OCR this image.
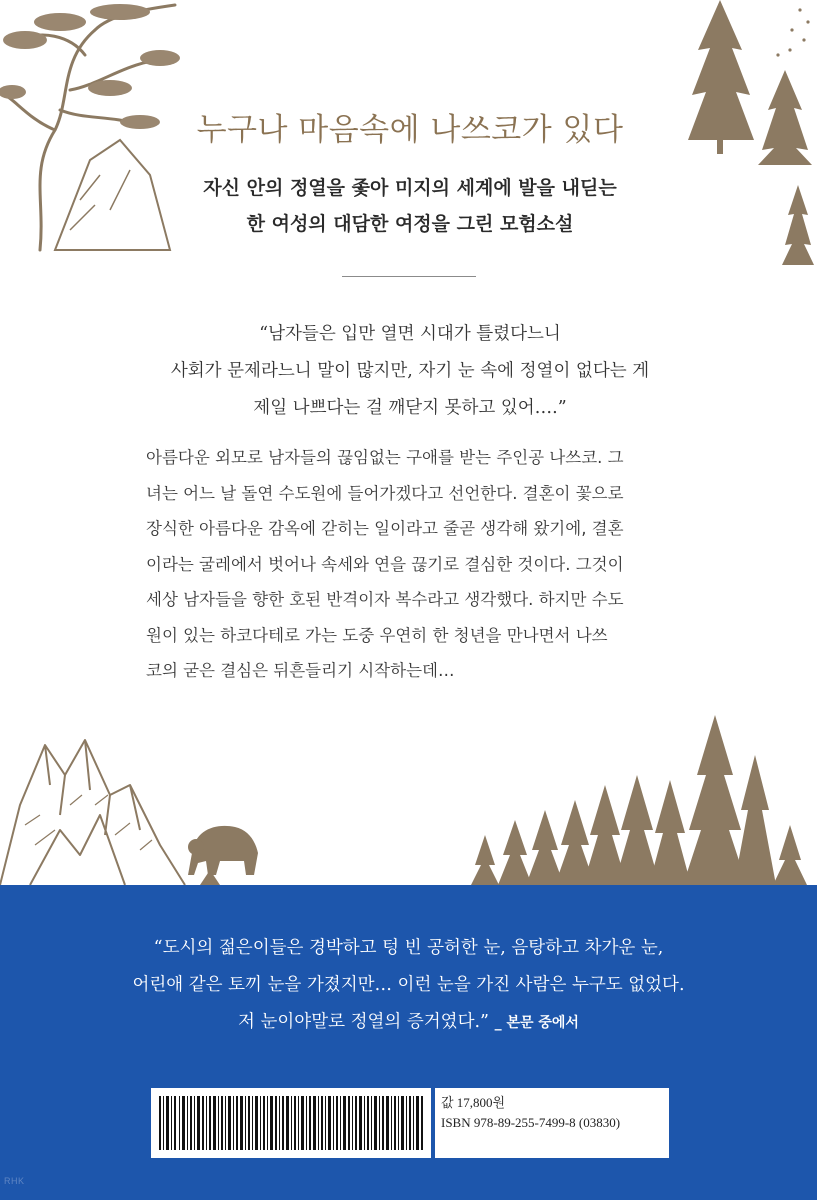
누구나 마음속에 나쓰코가 있다
자신 안의 정열을 좇아 미지의 세계에 발을 내딛는
한 여성의 대담한 여정을 그린 모험소설
“남자들은 입만 열면 시대가 틀렸다느니
사회가 문제라느니 말이 많지만, 자기 눈 속에 정열이 없다는 게
제일 나쁘다는 걸 깨닫지 못하고 있어….”
아름다운 외모로 남자들의 끊임없는 구애를 받는 주인공 나쓰코. 그
녀는 어느 날 돌연 수도원에 들어가겠다고 선언한다. 결혼이 꽃으로
장식한 아름다운 감옥에 갇히는 일이라고 줄곧 생각해 왔기에, 결혼
이라는 굴레에서 벗어나 속세와 연을 끊기로 결심한 것이다. 그것이
세상 남자들을 향한 호된 반격이자 복수라고 생각했다. 하지만 수도
원이 있는 하코다테로 가는 도중 우연히 한 청년을 만나면서 나쓰
코의 굳은 결심은 뒤흔들리기 시작하는데…
“도시의 젊은이들은 경박하고 텅 빈 공허한 눈, 음탕하고 차가운 눈,
어린애 같은 토끼 눈을 가졌지만… 이런 눈을 가진 사람은 누구도 없었다.
저 눈이야말로 정열의 증거였다.” _ 본문 중에서
값 17,800원
ISBN 978-89-255-7499-8 (03830)
RHK
